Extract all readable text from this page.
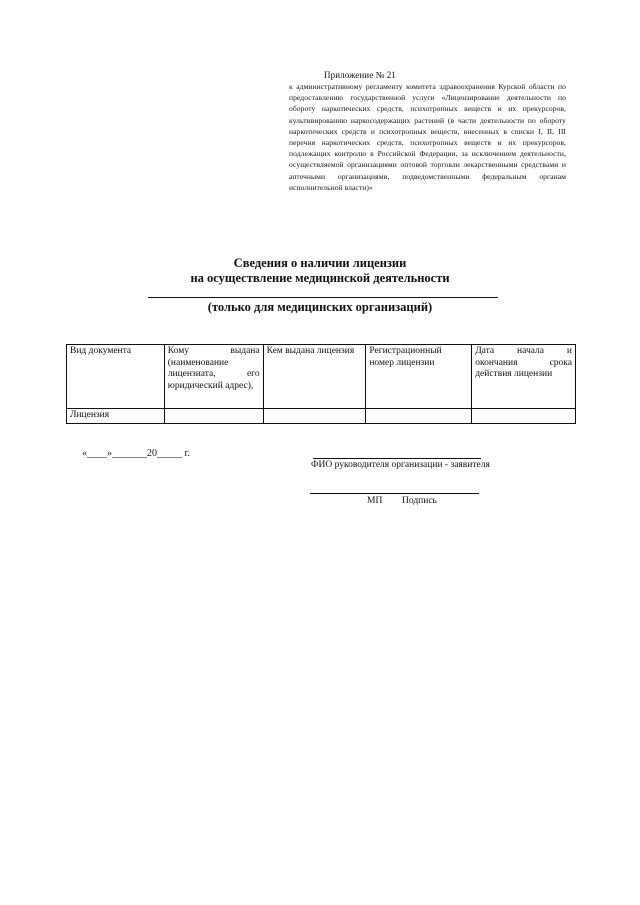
Приложение № 21
к административному регламенту комитета здравоохранения Курской области по предоставлению государственной услуги «Лицензирование деятельности по обороту наркотических средств, психотропных веществ и их прекурсоров, культивированию наркосодержащих растений (в части деятельности по обороту наркотических средств и психотропных веществ, внесенных в списки I, II, III перечня наркотических средств, психотропных веществ и их прекурсоров, подлежащих контролю в Российской Федерации, за исключением деятельности, осуществляемой организациями оптовой торговли лекарственными средствами и аптечными организациями, подведомственными федеральным органам исполнительной власти)»
Сведения о наличии лицензии
на осуществление медицинской деятельности
(только для медицинских организаций)
Вид документа	Кому выдана (наименование лицензиата, его юридический адрес),	Кем выдана лицензия	Регистрационный номер лицензии	Дата начала и окончания срока действия лицензии
Лицензия				
«____»_______20_____ г.
ФИО руководителя организации - заявителя
МП Подпись
